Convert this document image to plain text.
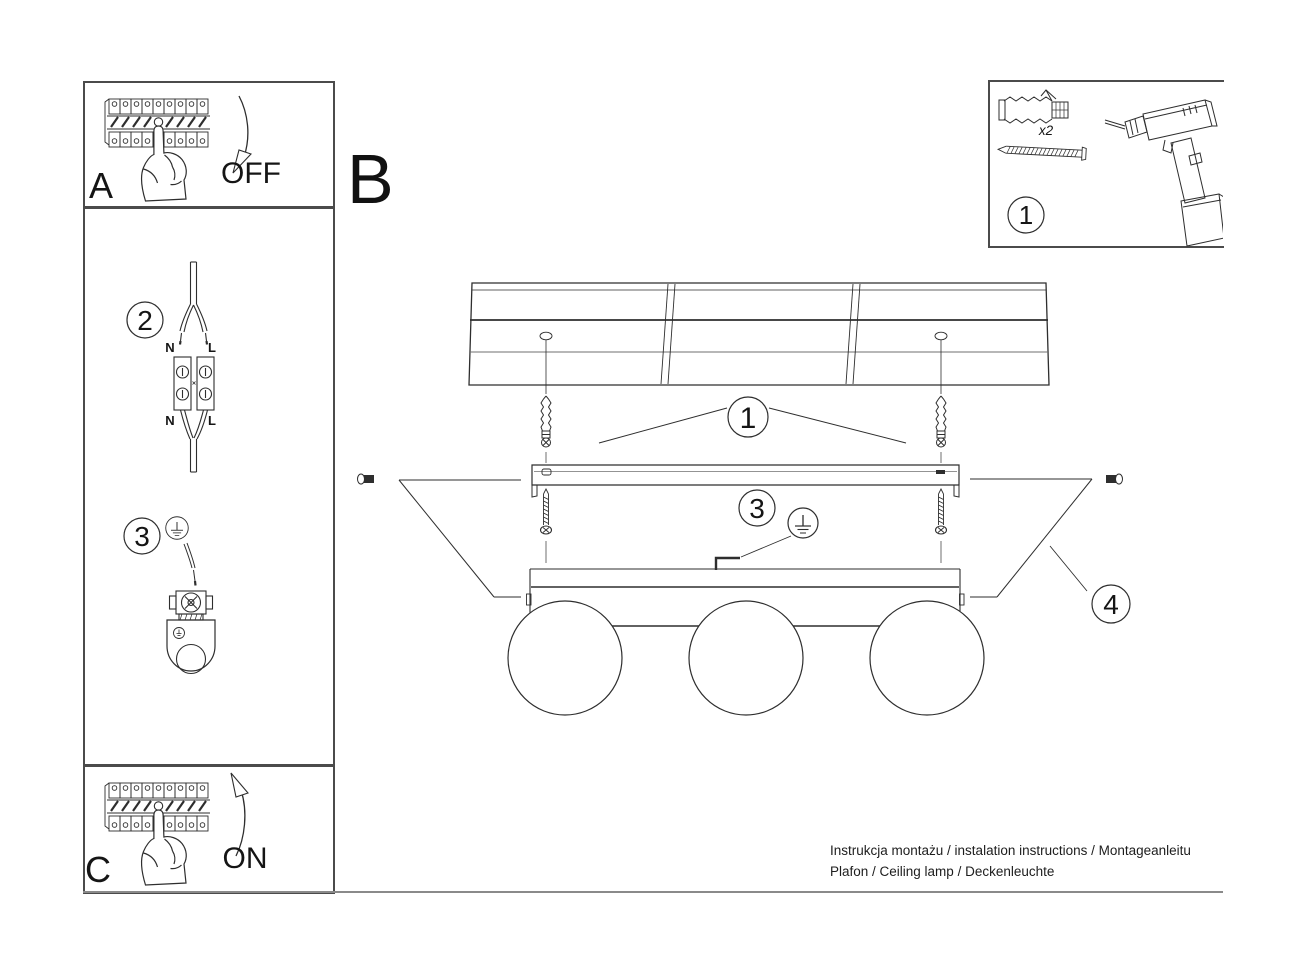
A	OFF B
2
N	L
N	L
3
C	ON
x2
1
1
3
4
Instrukcja montażu / instalation instructions / Montageanleitu
Plafon / Ceiling lamp / Deckenleuchte
